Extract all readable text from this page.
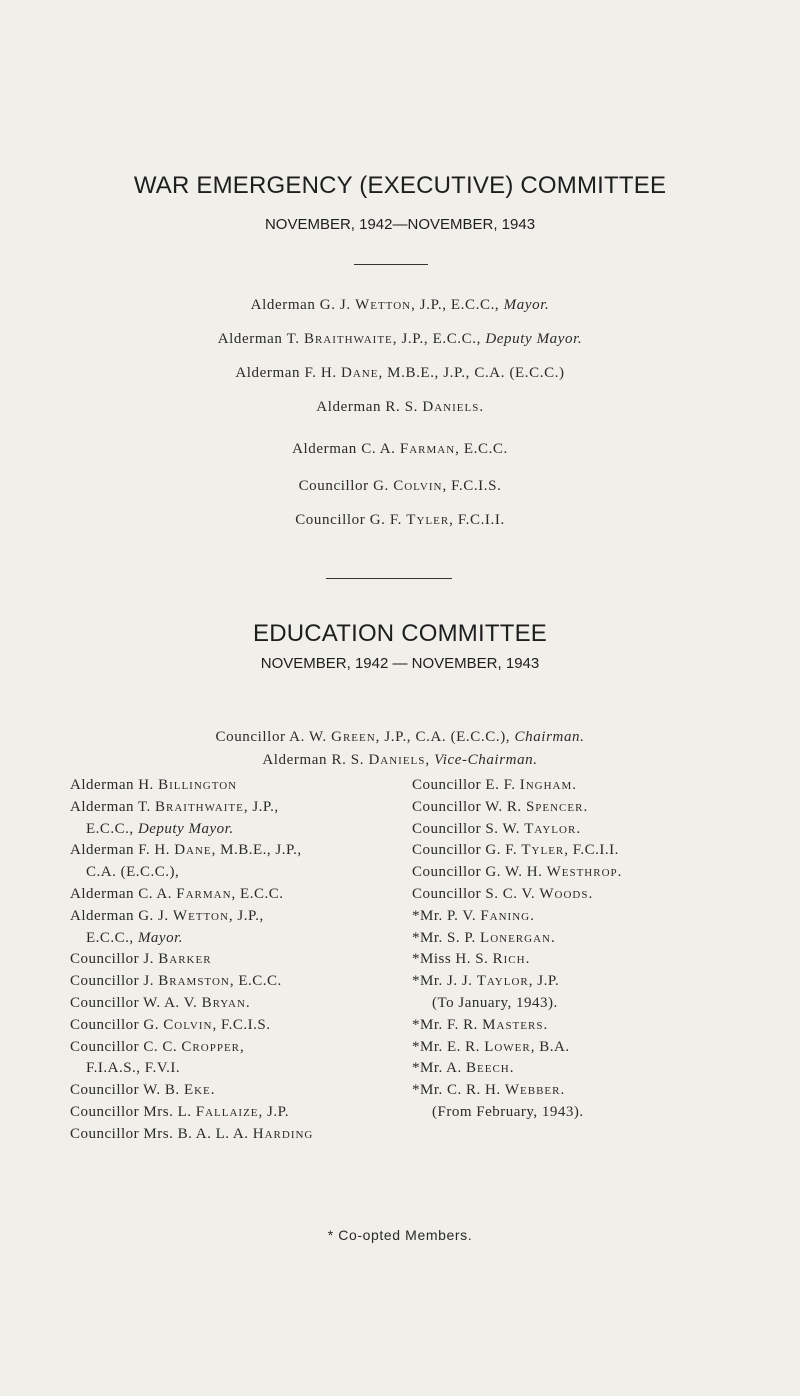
WAR EMERGENCY (EXECUTIVE) COMMITTEE
NOVEMBER, 1942—NOVEMBER, 1943
Alderman G. J. Wetton, J.P., E.C.C., Mayor.
Alderman T. Braithwaite, J.P., E.C.C., Deputy Mayor.
Alderman F. H. Dane, M.B.E., J.P., C.A. (E.C.C.)
Alderman R. S. Daniels.
Alderman C. A. Farman, E.C.C.
Councillor G. Colvin, F.C.I.S.
Councillor G. F. Tyler, F.C.I.I.
EDUCATION COMMITTEE
NOVEMBER, 1942 — NOVEMBER, 1943
Councillor A. W. Green, J.P., C.A. (E.C.C.), Chairman.
Alderman R. S. Daniels, Vice-Chairman.
Alderman H. Billington
Alderman T. Braithwaite, J.P.,
E.C.C., Deputy Mayor.
Alderman F. H. Dane, M.B.E., J.P.,
C.A. (E.C.C.),
Alderman C. A. Farman, E.C.C.
Alderman G. J. Wetton, J.P.,
E.C.C., Mayor.
Councillor J. Barker
Councillor J. Bramston, E.C.C.
Councillor W. A. V. Bryan.
Councillor G. Colvin, F.C.I.S.
Councillor C. C. Cropper,
F.I.A.S., F.V.I.
Councillor W. B. Eke.
Councillor Mrs. L. Fallaize, J.P.
Councillor Mrs. B. A. L. A. Harding
Councillor E. F. Ingham.
Councillor W. R. Spencer.
Councillor S. W. Taylor.
Councillor G. F. Tyler, F.C.I.I.
Councillor G. W. H. Westhrop.
Councillor S. C. V. Woods.
*Mr. P. V. Faning.
*Mr. S. P. Lonergan.
*Miss H. S. Rich.
*Mr. J. J. Taylor, J.P.
(To January, 1943).
*Mr. F. R. Masters.
*Mr. E. R. Lower, B.A.
*Mr. A. Beech.
*Mr. C. R. H. Webber.
(From February, 1943).
* Co-opted Members.
